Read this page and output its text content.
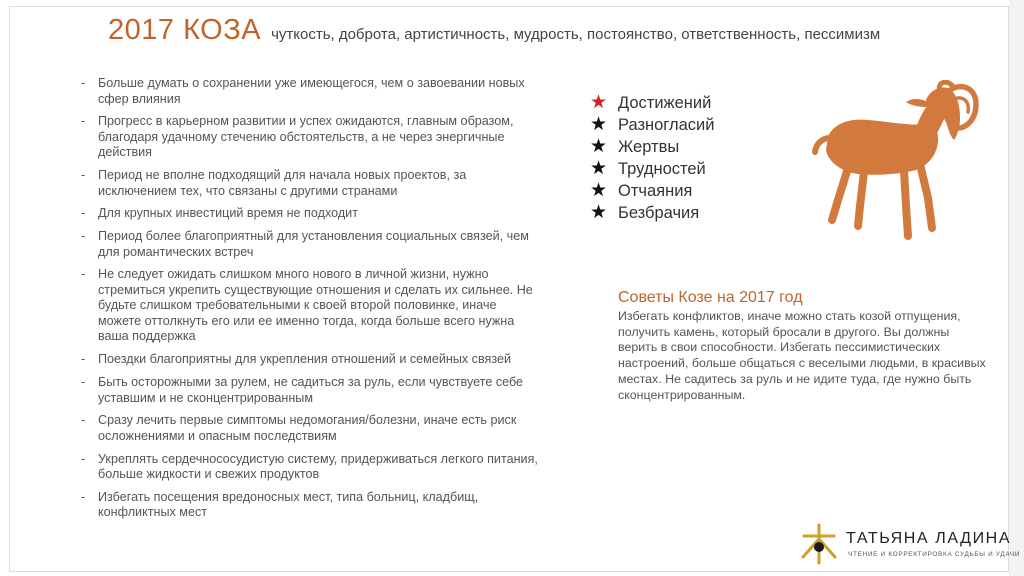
2017 КОЗА чуткость, доброта, артистичность, мудрость, постоянство, ответственность, пессимизм
- Больше думать о сохранении уже имеющегося, чем о завоевании новых сфер влияния
- Прогресс в карьерном развитии и успех ожидаются, главным образом, благодаря удачному стечению обстоятельств, а не через энергичные действия
- Период не вполне подходящий для начала новых проектов, за исключением тех, что связаны с другими странами
- Для крупных инвестиций время не подходит
- Период более благоприятный для установления социальных связей, чем для романтических встреч
- Не следует ожидать слишком много нового в личной жизни, нужно стремиться укрепить существующие отношения и сделать их сильнее. Не будьте слишком требовательными к своей второй половинке, иначе можете оттолкнуть его или ее именно тогда, когда больше всего нужна ваша поддержка
- Поездки благоприятны для укрепления отношений и семейных связей
- Быть осторожными за рулем, не садиться за руль, если чувствуете себе уставшим и не сконцентрированным
- Сразу лечить первые симптомы недомогания/болезни, иначе есть риск осложнениями и опасным последствиям
- Укреплять сердечнососудистую систему, придерживаться легкого питания, больше жидкости и свежих продуктов
- Избегать посещения вредоносных мест, типа больниц, кладбищ, конфликтных мест
★ Достижений
★ Разногласий
★ Жертвы
★ Трудностей
★ Отчаяния
★ Безбрачия
Советы Козе на 2017 год
Избегать конфликтов, иначе можно стать козой отпущения, получить камень, который бросали в другого. Вы должны верить в свои способности. Избегать пессимистических настроений, больше общаться с веселыми людьми, в красивых местах. Не садитесь за руль и не идите туда, где нужно быть сконцентрированным.
ТАТЬЯНА ЛАДИНА
ЧТЕНИЕ И КОРРЕКТИРОВКА СУДЬБЫ И УДАЧИ
